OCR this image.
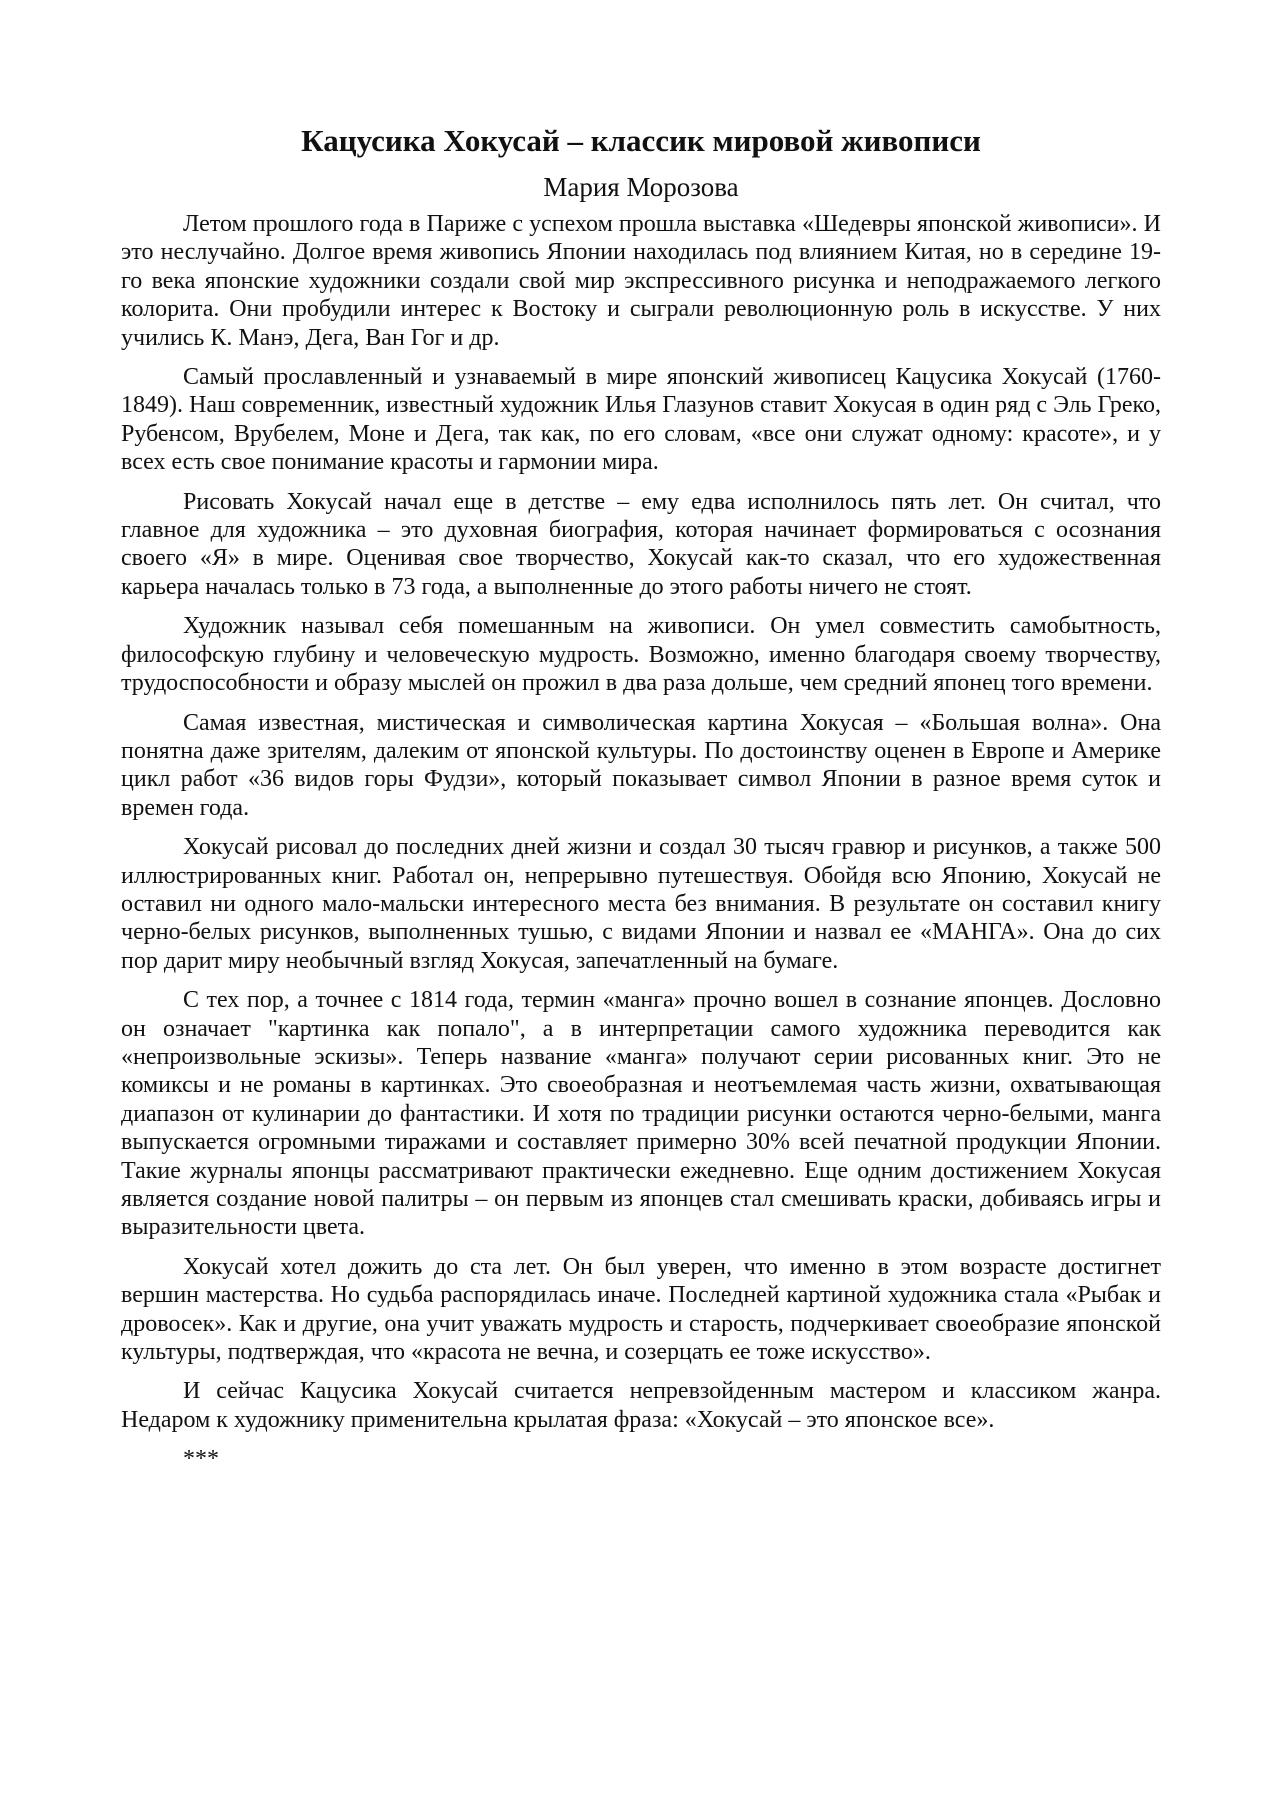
Кацусика Хокусай – классик мировой живописи

Мария Морозова

Летом прошлого года в Париже с успехом прошла выставка «Шедевры японской живописи». И это неслучайно. Долгое время живопись Японии находилась под влиянием Китая, но в середине 19-го века японские художники создали свой мир экспрессивного рисунка и неподражаемого легкого колорита. Они пробудили интерес к Востоку и сыграли революционную роль в искусстве. У них учились К. Манэ, Дега, Ван Гог и др.

Самый прославленный и узнаваемый в мире японский живописец Кацусика Хокусай (1760-1849). Наш современник, известный художник Илья Глазунов ставит Хокусая в один ряд с Эль Греко, Рубенсом, Врубелем, Моне и Дега, так как, по его словам, «все они служат одному: красоте», и у всех есть свое понимание красоты и гармонии мира.

Рисовать Хокусай начал еще в детстве – ему едва исполнилось пять лет. Он считал, что главное для художника – это духовная биография, которая начинает формироваться с осознания своего «Я» в мире. Оценивая свое творчество, Хокусай как-то сказал, что его художественная карьера началась только в 73 года, а выполненные до этого работы ничего не стоят.

Художник называл себя помешанным на живописи. Он умел совместить самобытность, философскую глубину и человеческую мудрость. Возможно, именно благодаря своему творчеству, трудоспособности и образу мыслей он прожил в два раза дольше, чем средний японец того времени.

Самая известная, мистическая и символическая картина Хокусая – «Большая волна». Она понятна даже зрителям, далеким от японской культуры. По достоинству оценен в Европе и Америке цикл работ «36 видов горы Фудзи», который показывает символ Японии в разное время суток и времен года.

Хокусай рисовал до последних дней жизни и создал 30 тысяч гравюр и рисунков, а также 500 иллюстрированных книг. Работал он, непрерывно путешествуя. Обойдя всю Японию, Хокусай не оставил ни одного мало-мальски интересного места без внимания. В результате он составил книгу черно-белых рисунков, выполненных тушью, с видами Японии и назвал ее «МАНГА». Она до сих пор дарит миру необычный взгляд Хокусая, запечатленный на бумаге.

С тех пор, а точнее с 1814 года, термин «манга» прочно вошел в сознание японцев. Дословно он означает "картинка как попало", а в интерпретации самого художника переводится как «непроизвольные эскизы». Теперь название «манга» получают серии рисованных книг. Это не комиксы и не романы в картинках. Это своеобразная и неотъемлемая часть жизни, охватывающая диапазон от кулинарии до фантастики. И хотя по традиции рисунки остаются черно-белыми, манга выпускается огромными тиражами и составляет примерно 30% всей печатной продукции Японии. Такие журналы японцы рассматривают практически ежедневно. Еще одним достижением Хокусая является создание новой палитры – он первым из японцев стал смешивать краски, добиваясь игры и выразительности цвета.

Хокусай хотел дожить до ста лет. Он был уверен, что именно в этом возрасте достигнет вершин мастерства. Но судьба распорядилась иначе. Последней картиной художника стала «Рыбак и дровосек». Как и другие, она учит уважать мудрость и старость, подчеркивает своеобразие японской культуры, подтверждая, что «красота не вечна, и созерцать ее тоже искусство».

И сейчас Кацусика Хокусай считается непревзойденным мастером и классиком жанра. Недаром к художнику применительна крылатая фраза: «Хокусай – это японское все».

***
